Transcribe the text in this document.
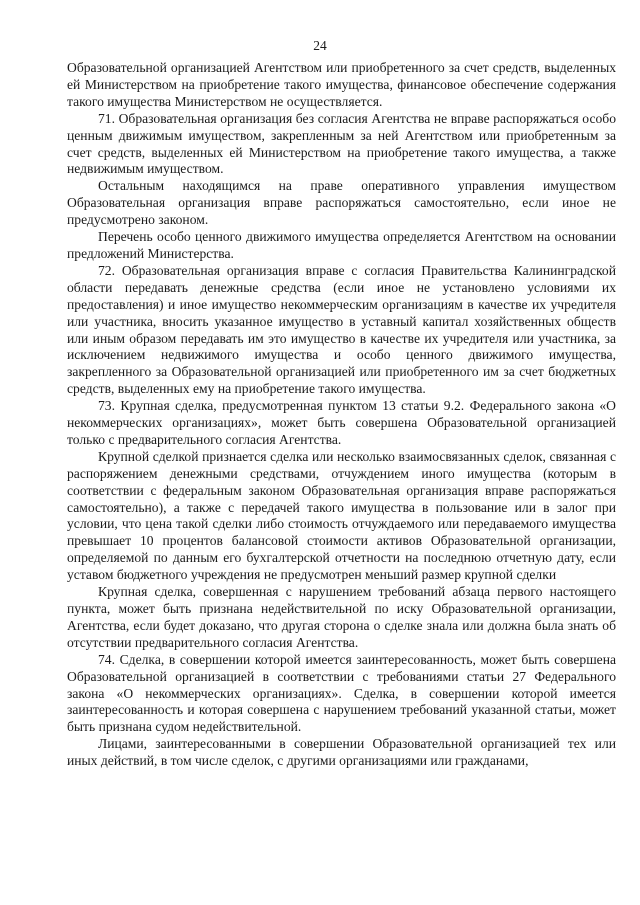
24

Образовательной организацией Агентством или приобретенного за счет средств, выделенных ей Министерством на приобретение такого имущества, финансовое обеспечение содержания такого имущества Министерством не осуществляется.

71. Образовательная организация без согласия Агентства не вправе распоряжаться особо ценным движимым имуществом, закрепленным за ней Агентством или приобретенным за счет средств, выделенных ей Министерством на приобретение такого имущества, а также недвижимым имуществом.

Остальным находящимся на праве оперативного управления имуществом Образовательная организация вправе распоряжаться самостоятельно, если иное не предусмотрено законом.

Перечень особо ценного движимого имущества определяется Агентством на основании предложений Министерства.

72. Образовательная организация вправе с согласия Правительства Калининградской области передавать денежные средства (если иное не установлено условиями их предоставления) и иное имущество некоммерческим организациям в качестве их учредителя или участника, вносить указанное имущество в уставный капитал хозяйственных обществ или иным образом передавать им это имущество в качестве их учредителя или участника, за исключением недвижимого имущества и особо ценного движимого имущества, закрепленного за Образовательной организацией или приобретенного им за счет бюджетных средств, выделенных ему на приобретение такого имущества.

73. Крупная сделка, предусмотренная пунктом 13 статьи 9.2. Федерального закона «О некоммерческих организациях», может быть совершена Образовательной организацией только с предварительного согласия Агентства.

Крупной сделкой признается сделка или несколько взаимосвязанных сделок, связанная с распоряжением денежными средствами, отчуждением иного имущества (которым в соответствии с федеральным законом Образовательная организация вправе распоряжаться самостоятельно), а также с передачей такого имущества в пользование или в залог при условии, что цена такой сделки либо стоимость отчуждаемого или передаваемого имущества превышает 10 процентов балансовой стоимости активов Образовательной организации, определяемой по данным его бухгалтерской отчетности на последнюю отчетную дату, если уставом бюджетного учреждения не предусмотрен меньший размер крупной сделки

Крупная сделка, совершенная с нарушением требований абзаца первого настоящего пункта, может быть признана недействительной по иску Образовательной организации, Агентства, если будет доказано, что другая сторона о сделке знала или должна была знать об отсутствии предварительного согласия Агентства.

74. Сделка, в совершении которой имеется заинтересованность, может быть совершена Образовательной организацией в соответствии с требованиями статьи 27 Федерального закона «О некоммерческих организациях». Сделка, в совершении которой имеется заинтересованность и которая совершена с нарушением требований указанной статьи, может быть признана судом недействительной.

Лицами, заинтересованными в совершении Образовательной организацией тех или иных действий, в том числе сделок, с другими организациями или гражданами,
